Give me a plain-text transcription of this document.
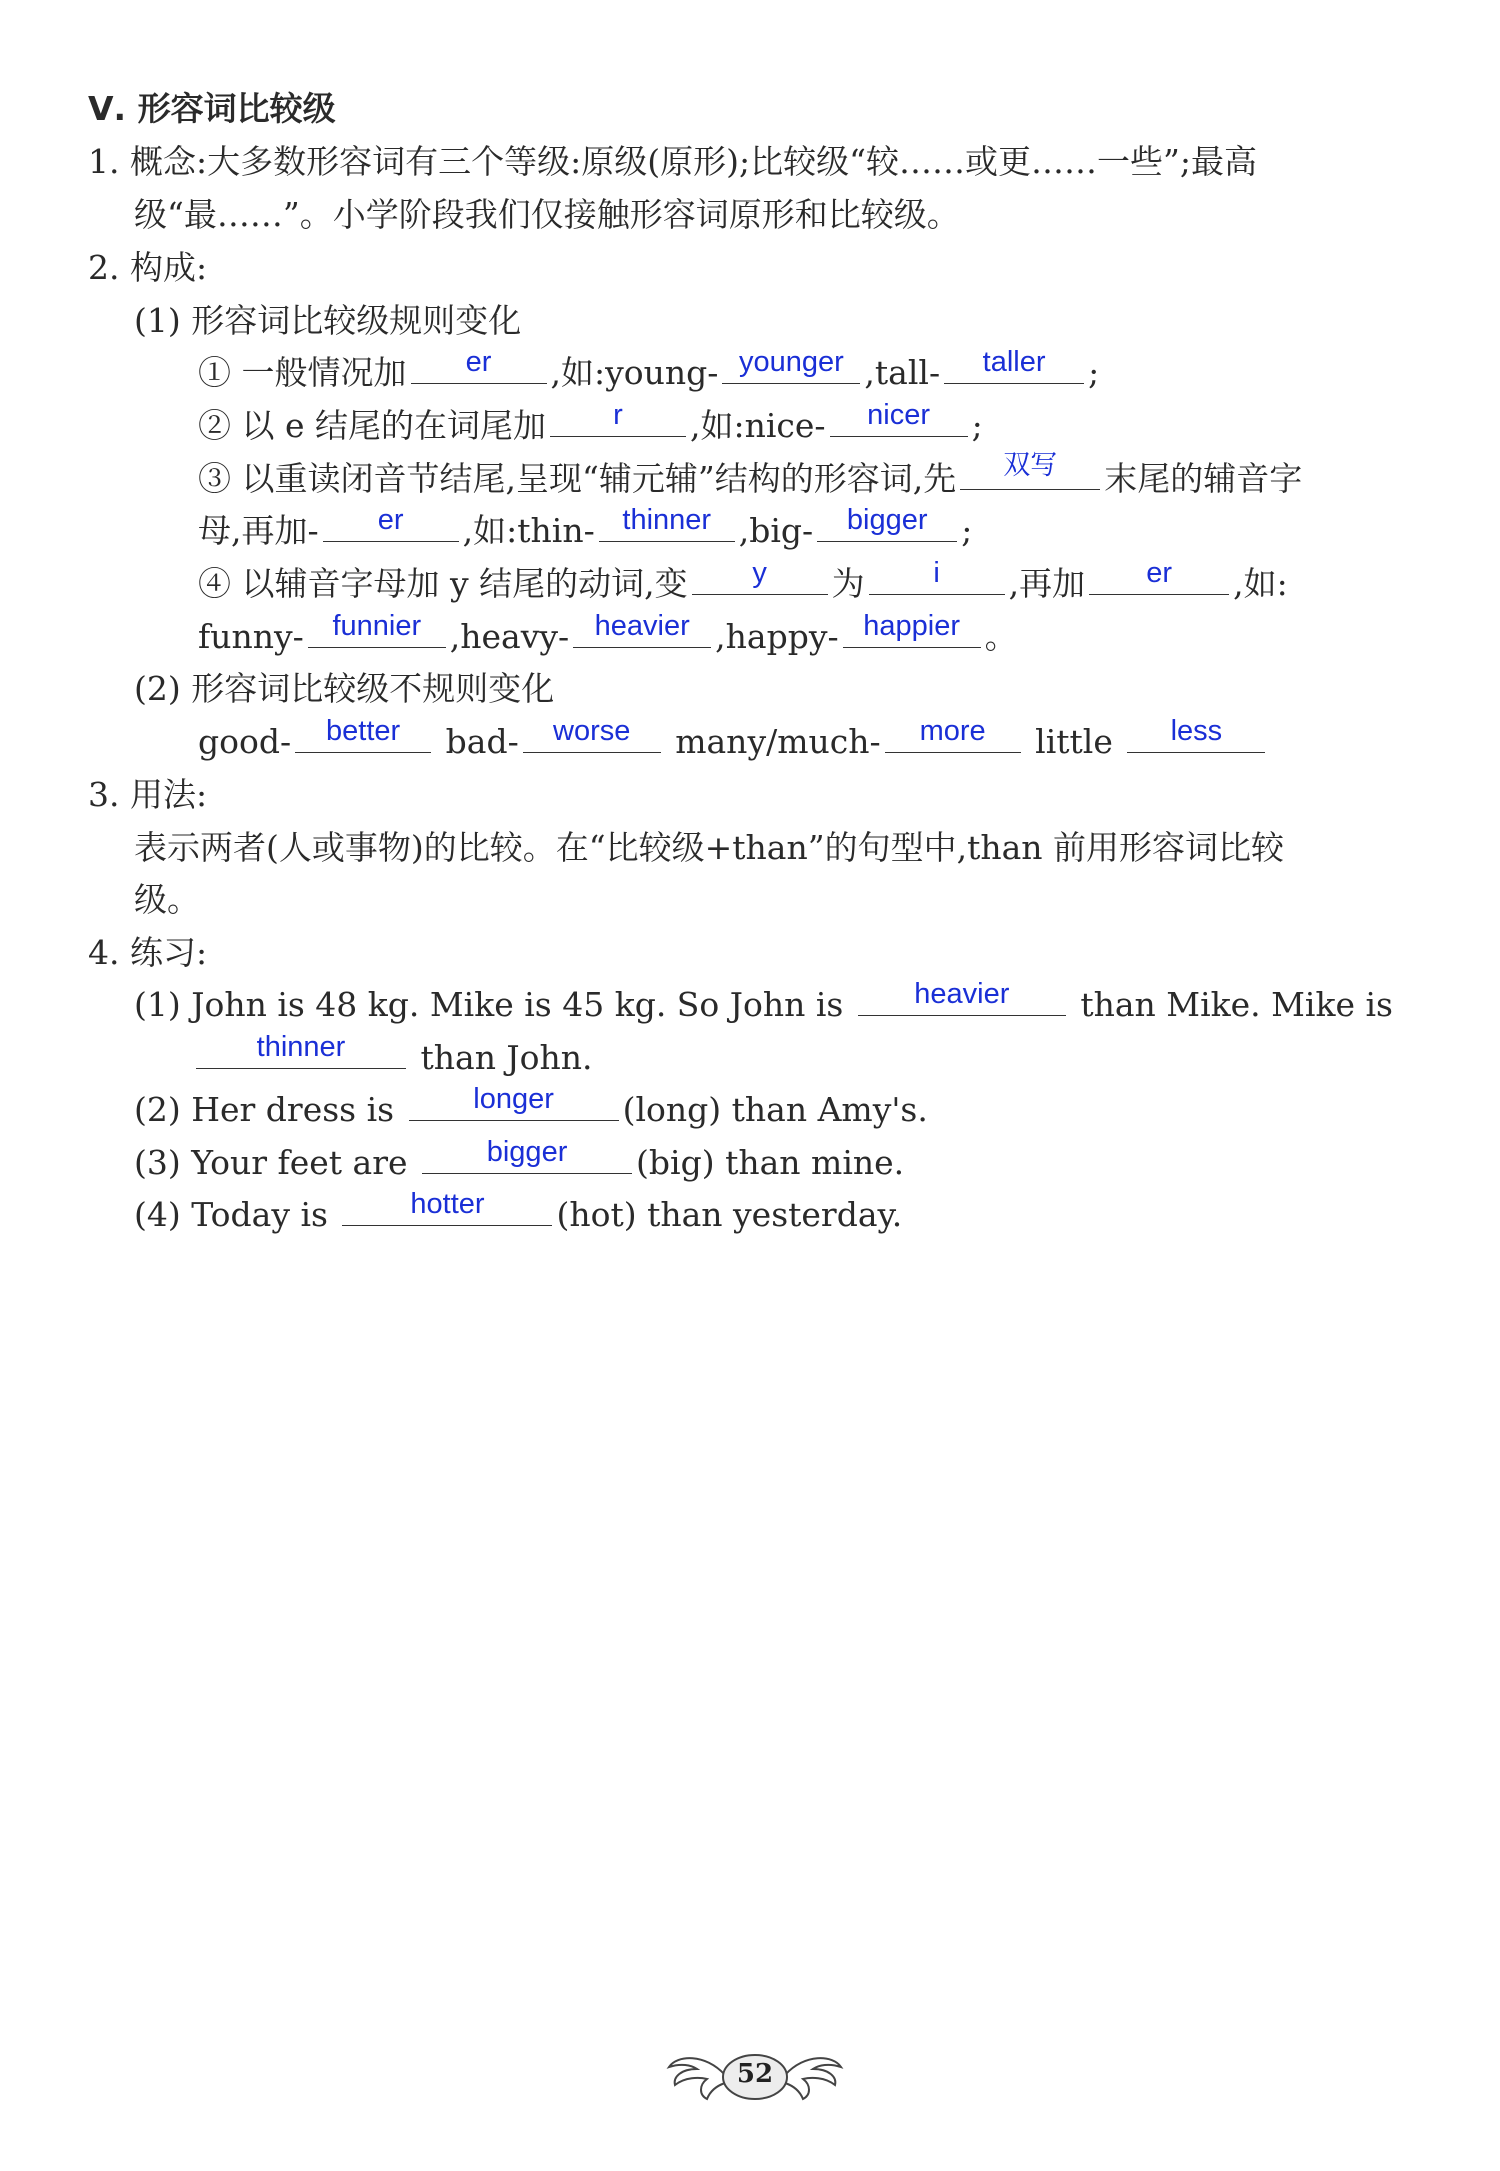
Ⅴ. 形容词比较级
1. 概念:大多数形容词有三个等级:原级(原形);比较级“较……或更……一些”;最高
级“最……”。小学阶段我们仅接触形容词原形和比较级。
2. 构成:
(1) 形容词比较级规则变化
① 一般情况加	er	,如:young- younger ,tall-	taller	;
② 以 e 结尾的在词尾加	r	,如:nice-	nicer	;
③ 以重读闭音节结尾,呈现“辅元辅”结构的形容词,先	双写	末尾的辅音字
母,再加-	er	,如:thin- thinner ,big-	bigger	;
④ 以辅音字母加 y 结尾的动词,变	y	为	i	,再加	er	,如:
funny- funnier ,heavy- heavier ,happy- happier 。
(2) 形容词比较级不规则变化
good-	better	bad-	worse	many/much-	more	little	less
3. 用法:
表示两者(人或事物)的比较。在“比较级+than”的句型中,than 前用形容词比较
级。
4. 练习:
(1) John is 48 kg. Mike is 45 kg. So John is	heavier	than Mike. Mike is
thinner	than John.
(2) Her dress is	longer	(long) than Amy's.
(3) Your feet are	bigger	(big) than mine.
(4) Today is	hotter	(hot) than yesterday.
52
